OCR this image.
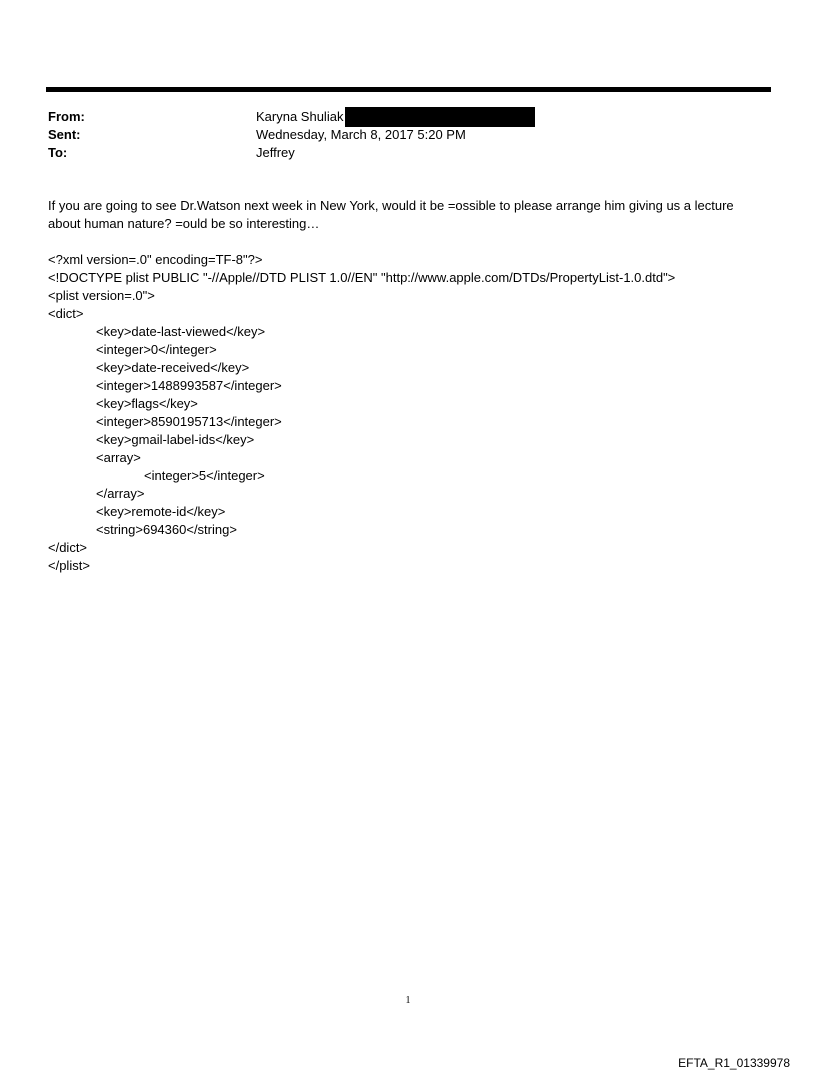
From:	Karyna Shuliak
Sent:	Wednesday, March 8, 2017 5:20 PM
To:	Jeffrey

If you are going to see Dr.Watson next week in New York, would it be =ossible to please arrange him giving us a lecture

about human nature? =ould be so interesting…

<?xml version=.0" encoding=TF-8"?>
<!DOCTYPE plist PUBLIC "-//Apple//DTD PLIST 1.0//EN" "http://www.apple.com/DTDs/PropertyList-1.0.dtd">
<plist version=.0">
<dict>
<key>date-last-viewed</key>
<integer>0</integer>
<key>date-received</key>
<integer>1488993587</integer>
<key>flags</key>
<integer>8590195713</integer>
<key>gmail-label-ids</key>
<array>
<integer>5</integer>
</array>
<key>remote-id</key>
<string>694360</string>
</dict>
</plist>
1
EFTA_R1_01339978
